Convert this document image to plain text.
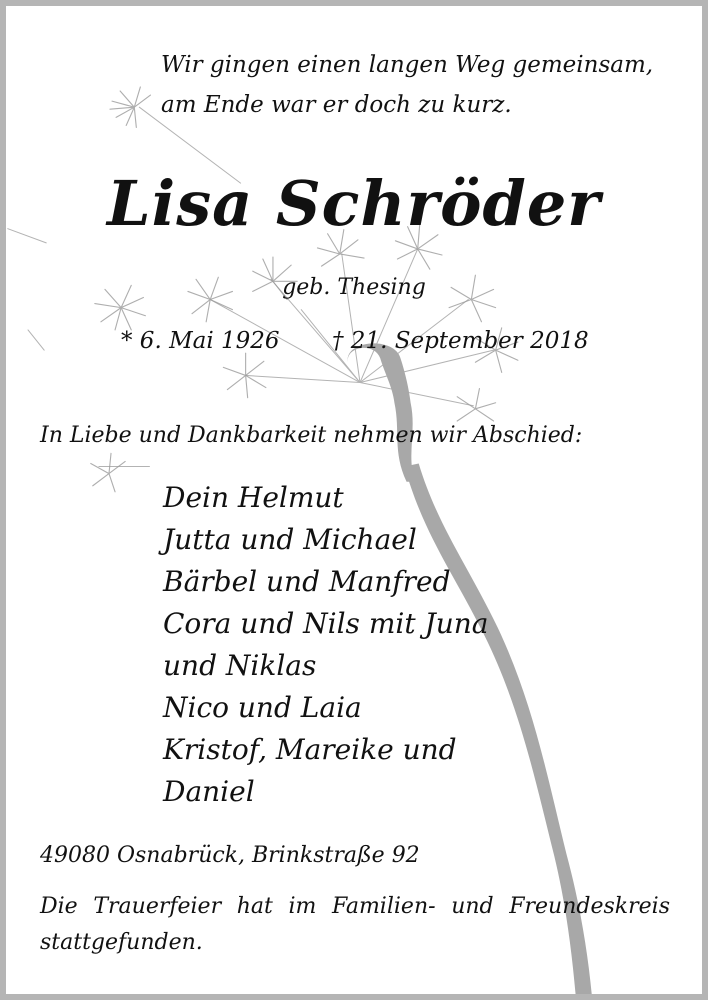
Wir gingen einen langen Weg gemeinsam,

am Ende war er doch zu kurz.

Lisa Schröder

geb. Thesing

* 6. Mai 1926 † 21. September 2018

In Liebe und Dankbarkeit nehmen wir Abschied:

Dein Helmut
Jutta und Michael
Bärbel und Manfred
Cora und Nils mit Juna
und Niklas
Nico und Laia
Kristof, Mareike und
Daniel

49080 Osnabrück, Brinkstraße 92

Die Trauerfeier hat im Familien- und Freundeskreis stattgefunden.
